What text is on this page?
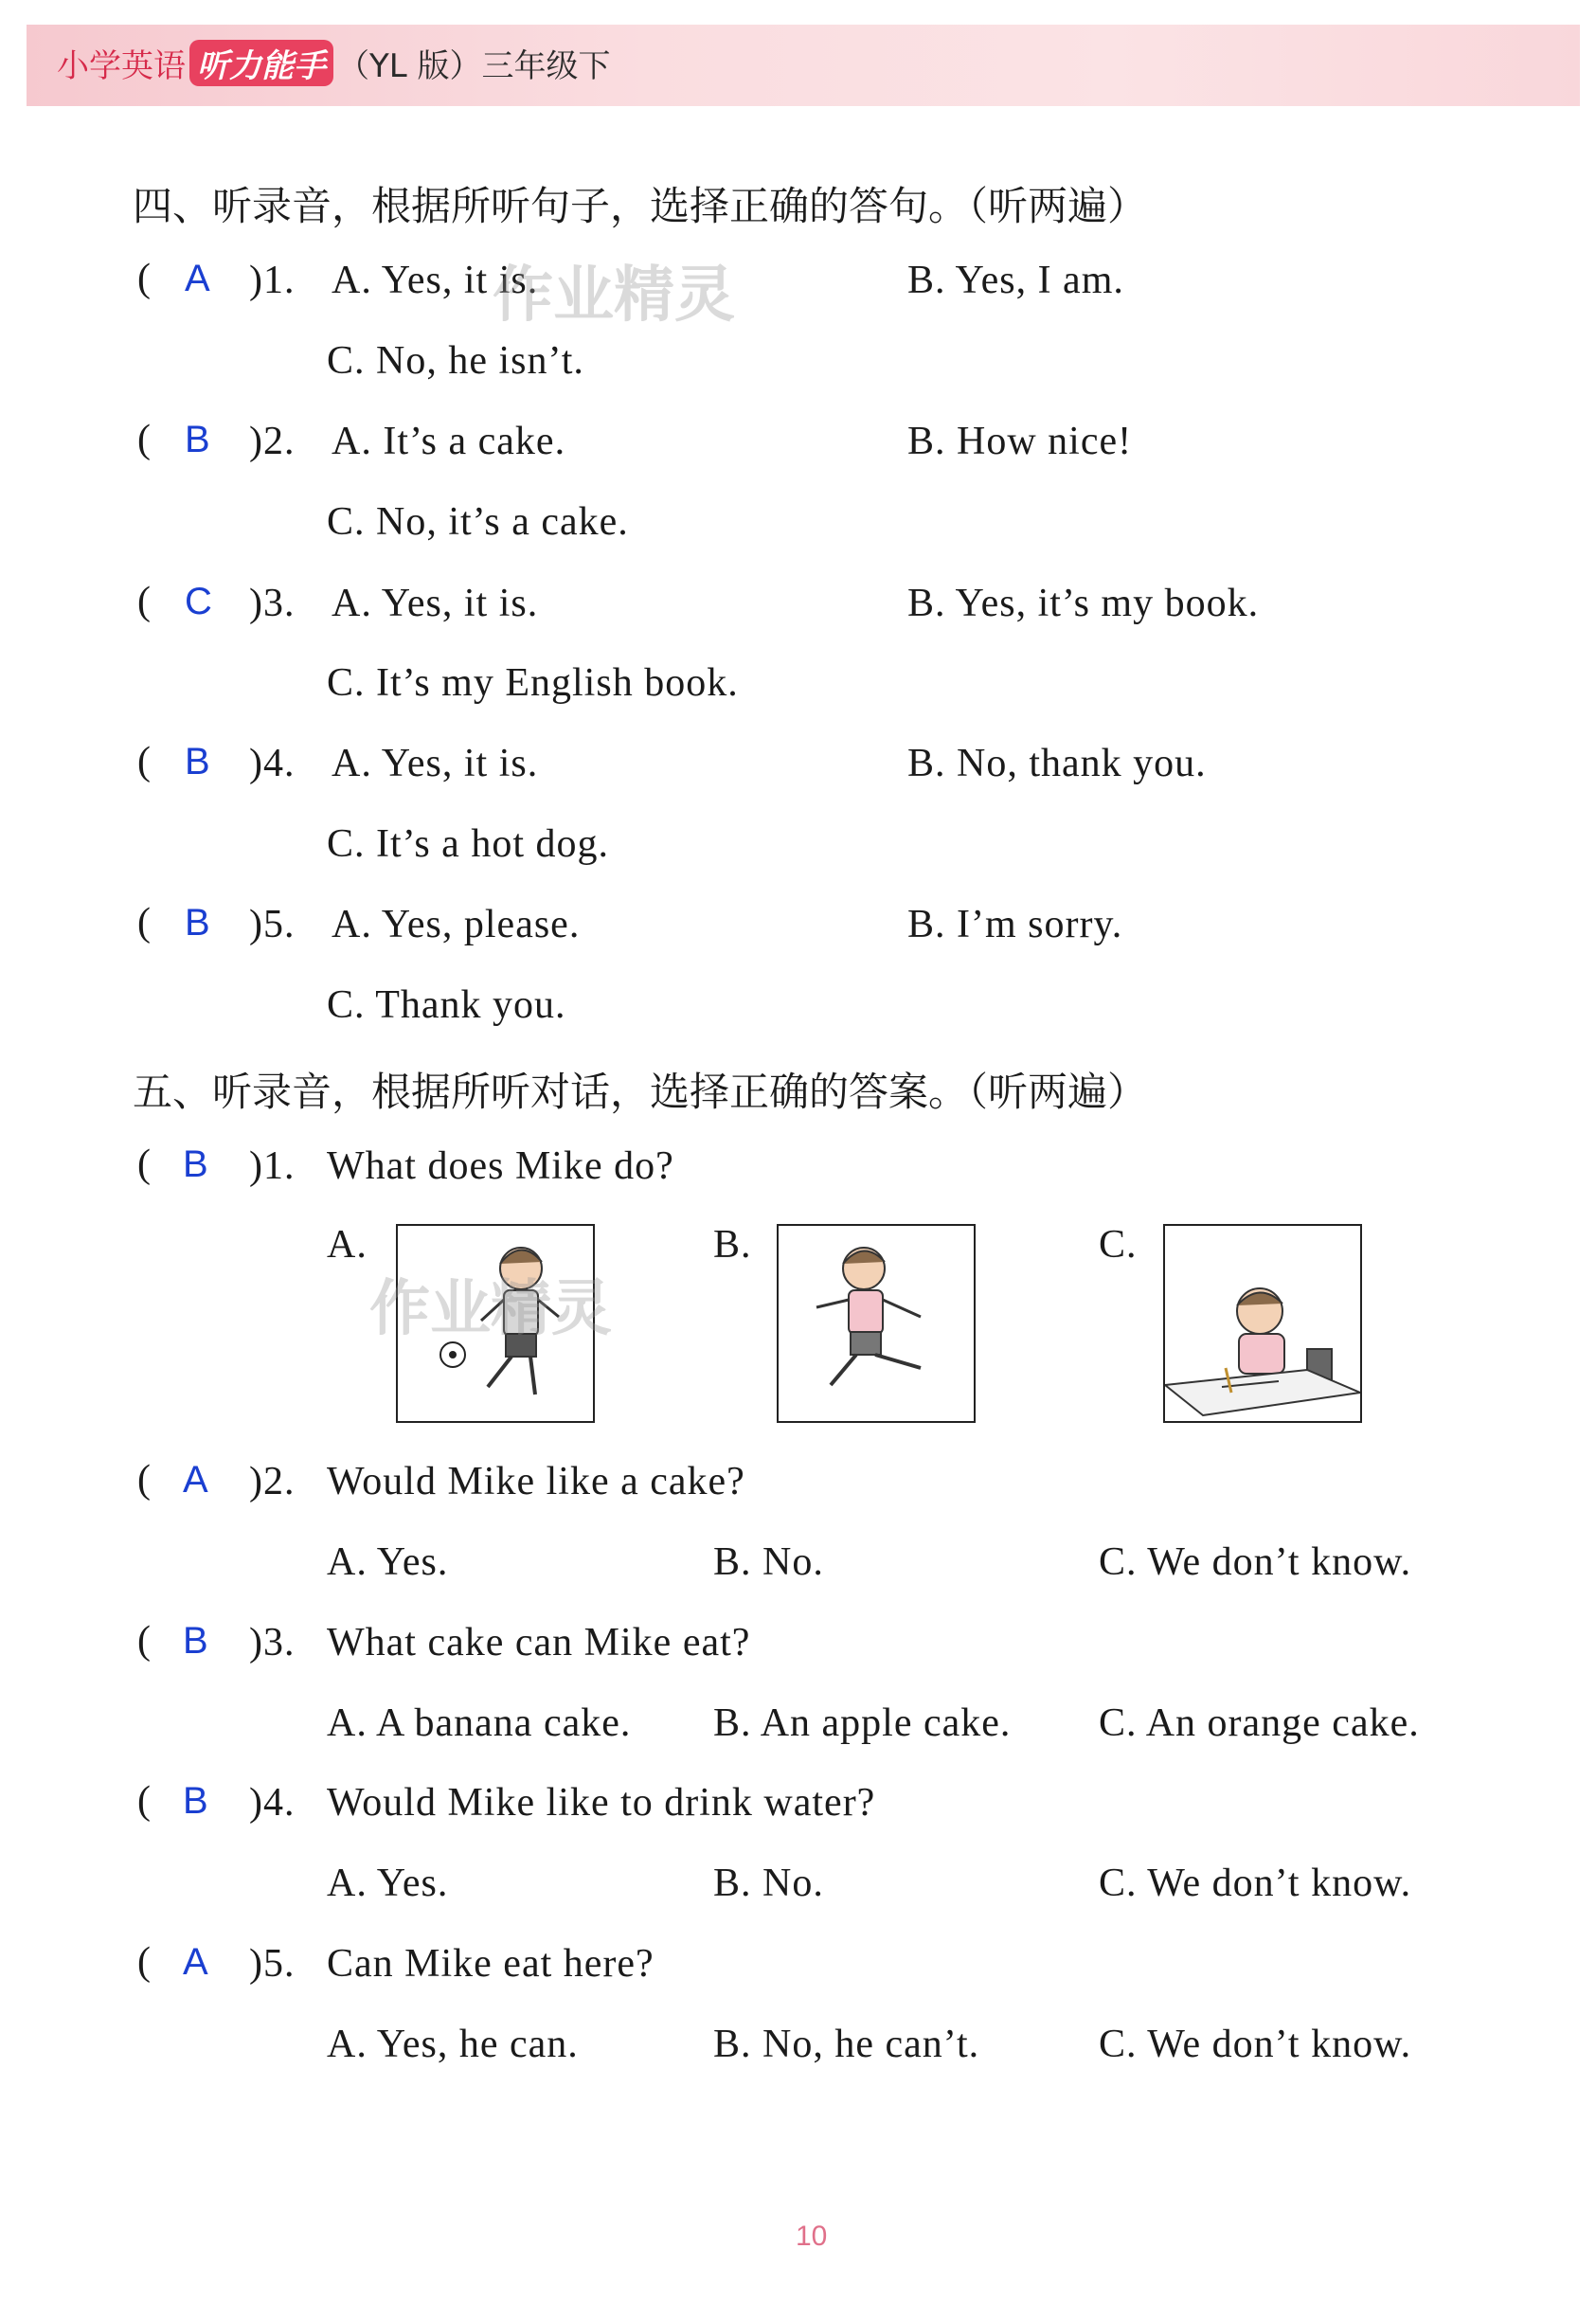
小学英语 听力能手 （YL 版）三年级下
四、听录音，根据所听句子，选择正确的答句。（听两遍）
( A )1. A. Yes, it is.	B. Yes, I am.
C. No, he isn’t.
( B )2. A. It’s a cake.	B. How nice!
C. No, it’s a cake.
( C )3. A. Yes, it is.	B. Yes, it’s my book.
C. It’s my English book.
( B )4. A. Yes, it is.	B. No, thank you.
C. It’s a hot dog.
( B )5. A. Yes, please.	B. I’m sorry.
C. Thank you.
五、听录音，根据所听对话，选择正确的答案。（听两遍）
( B )1. What does Mike do?
A.	B.	C.
( A )2. Would Mike like a cake?
A. Yes.	B. No.	C. We don’t know.
( B )3. What cake can Mike eat?
A. A banana cake. B. An apple cake. C. An orange cake.
( B )4. Would Mike like to drink water?
A. Yes.	B. No.	C. We don’t know.
( A )5. Can Mike eat here?
A. Yes, he can.	B. No, he can’t.	C. We don’t know.
作业精灵
作业精灵
10
